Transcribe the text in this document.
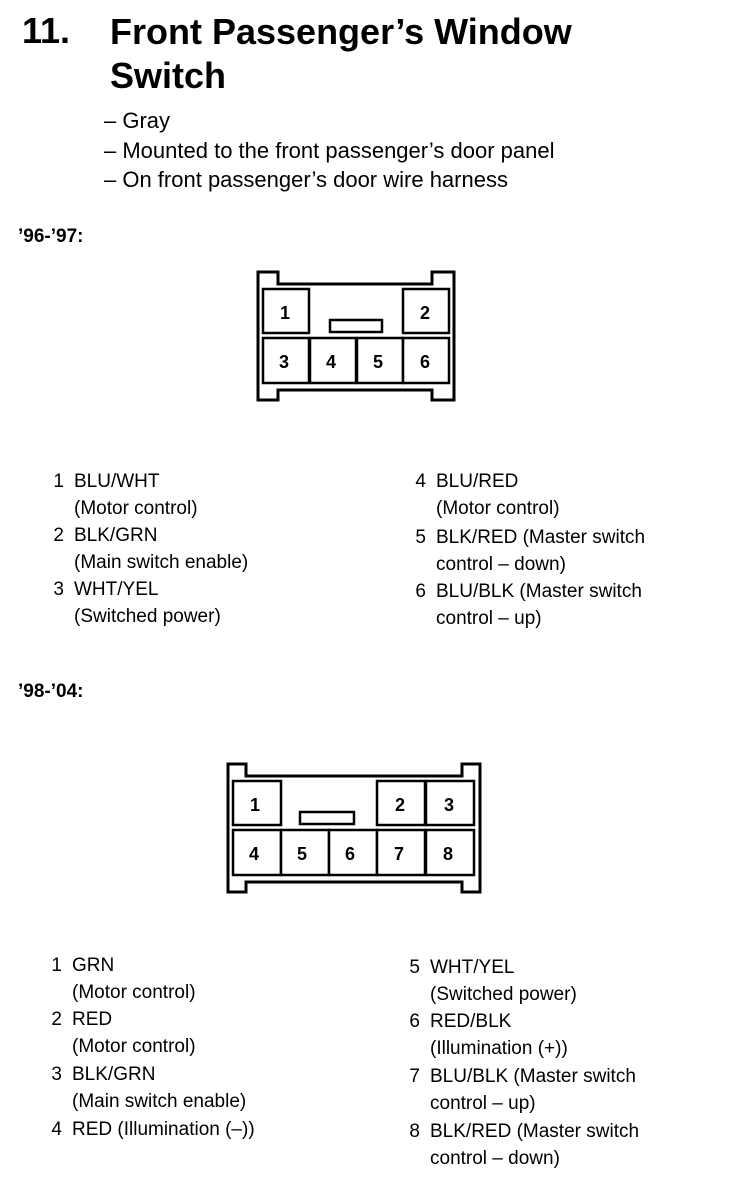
11. Front Passenger’s Window
Switch
– Gray
– Mounted to the front passenger’s door panel
– On front passenger’s door wire harness
’96-’97:
1	2
3 4 5 6
1 BLU/WHT
(Motor control)
2 BLK/GRN
(Main switch enable)
3 WHT/YEL
(Switched power)
4 BLU/RED
(Motor control)
5 BLK/RED (Master switch
control – down)
6 BLU/BLK (Master switch
control – up)
’98-’04:
1	2 3
4 5 6 7 8
1 GRN
(Motor control)
2 RED
(Motor control)
3 BLK/GRN
(Main switch enable)
4 RED (Illumination (–))
5 WHT/YEL
(Switched power)
6 RED/BLK
(Illumination (+))
7 BLU/BLK (Master switch
control – up)
8 BLK/RED (Master switch
control – down)
